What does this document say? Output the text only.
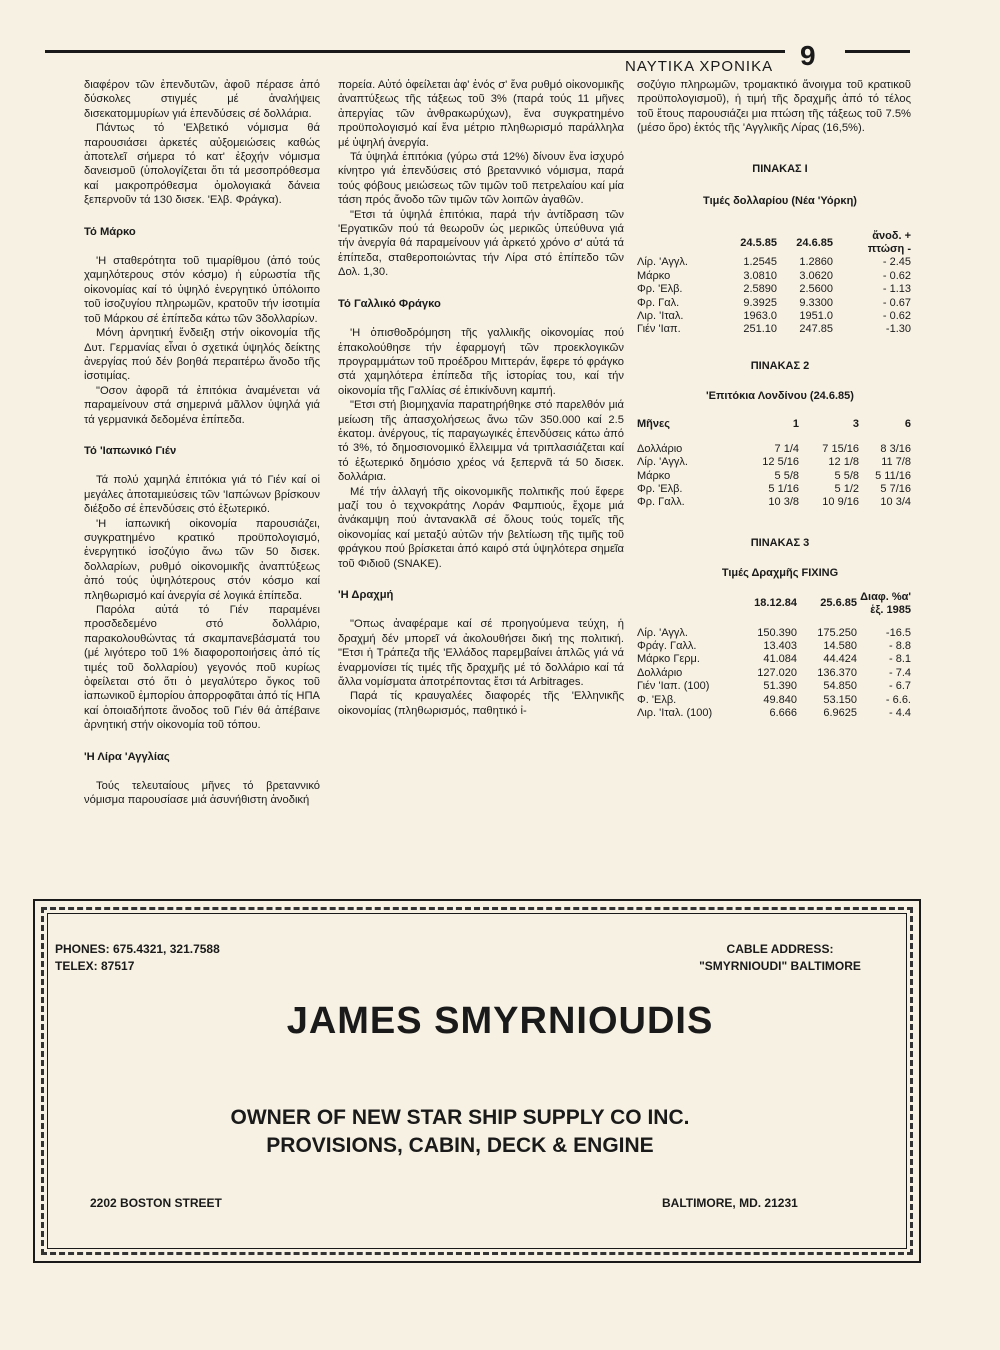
ΝΑΥΤΙΚΑ ΧΡΟΝΙΚΑ 9

διαφέρον τῶν ἐπενδυτῶν, ἀφοῦ πέρασε ἀπό δύσκολες στιγμές μέ ἀναλήψεις δισεκατομμυρίων γιά ἐπενδύσεις σέ δολλάρια.

Πάντως τό 'Ελβετικό νόμισμα θά παρουσιάσει ἀρκετές αὐξομειώσεις καθώς ἀποτελεῖ σήμερα τό κατ' ἐξοχήν νόμισμα δανεισμοῦ (ὑπολογίζεται ὅτι τά μεσοπρόθεσμα καί μακροπρόθεσμα ὁμολογιακά δάνεια ξεπερνοῦν τά 130 δισεκ. 'Ελβ. Φράγκα).

Τό Μάρκο

'Η σταθερότητα τοῦ τιμαρίθμου (ἀπό τούς χαμηλότερους στόν κόσμο) ἡ εὐρωστία τῆς οἰκονομίας καί τό ὑψηλό ἐνεργητικό ὑπόλοιπο τοῦ ἰσοζυγίου πληρωμῶν, κρατοῦν τήν ἰσοτιμία τοῦ Μάρκου σέ ἐπίπεδα κάτω τῶν 3δολλαρίων.

Μόνη ἀρνητική ἔνδειξη στήν οἰκονομία τῆς Δυτ. Γερμανίας εἶναι ὁ σχετικά ὑψηλός δείκτης ἀνεργίας πού δέν βοηθά περαιτέρω ἄνοδο τῆς ἰσοτιμίας.

"Οσον ἀφορᾶ τά ἐπιτόκια ἀναμένεται νά παραμείνουν στά σημερινά μᾶλλον ὑψηλά γιά τά γερμανικά δεδομένα ἐπίπεδα.

Τό 'Ιαπωνικό Γιέν

Τά πολύ χαμηλά ἐπιτόκια γιά τό Γιέν καί οἱ μεγάλες ἀποταμιεύσεις τῶν 'Ιαπώνων βρίσκουν διέξοδο σέ ἐπενδύσεις στό ἐξωτερικό.

'Η ἰαπωνική οἰκονομία παρουσιάζει, συγκρατημένο κρατικό προϋπολογισμό, ἐνεργητικό ἰσοζύγιο ἄνω τῶν 50 δισεκ. δολλαρίων, ρυθμό οἰκονομικῆς ἀναπτύξεως ἀπό τούς ὑψηλότερους στόν κόσμο καί πληθωρισμό καί ἀνεργία σέ λογικά ἐπίπεδα.

Παρόλα αὐτά τό Γιέν παραμένει προσδεδεμένο στό δολλάριο, παρακολουθώντας τά σκαμπανεβάσματά του (μέ λιγότερο τοῦ 1% διαφοροποιήσεις ἀπό τίς τιμές τοῦ δολλαρίου) γεγονός ποῦ κυρίως ὀφείλεται στό ὅτι ὁ μεγαλύτερο ὄγκος τοῦ ἰαπωνικοῦ ἐμπορίου ἀπορροφᾶται ἀπό τίς ΗΠΑ καί ὁποιαδήποτε ἄνοδος τοῦ Γιέν θά ἀπέβαινε ἀρνητική στήν οἰκονομία τοῦ τόπου.

'Η Λίρα 'Αγγλίας

Τούς τελευταίους μῆνες τό βρεταννικό νόμισμα παρουσίασε μιά ἀσυνήθιστη ἀνοδική

πορεία. Αὐτό ὀφείλεται ἀφ' ἑνός σ' ἕνα ρυθμό οἰκονομικῆς ἀναπτύξεως τῆς τάξεως τοῦ 3% (παρά τούς 11 μῆνες ἀπεργίας τῶν ἀνθρακωρύχων), ἕνα συγκρατημένο προϋπολογισμό καί ἕνα μέτριο πληθωρισμό παράλληλα μέ ὑψηλή ἀνεργία.

Τά ὑψηλά ἐπιτόκια (γύρω στά 12%) δίνουν ἕνα ἰσχυρό κίνητρο γιά ἐπενδύσεις στό βρεταννικό νόμισμα, παρά τούς φόβους μειώσεως τῶν τιμῶν τοῦ πετρελαίου καί μία τάση πρός ἄνοδο τῶν τιμῶν τῶν λοιπῶν ἀγαθῶν.

"Ετσι τά ὑψηλά ἐπιτόκια, παρά τήν ἀντίδραση τῶν 'Εργατικῶν πού τά θεωροῦν ὡς μερικῶς ὑπεύθυνα γιά τήν ἀνεργία θά παραμείνουν γιά ἀρκετό χρόνο σ' αὐτά τά ἐπίπεδα, σταθεροποιώντας τήν Λίρα στό ἐπίπεδο τῶν Δολ. 1,30.

Τό Γαλλικό Φράγκο

'Η ὀπισθοδρόμηση τῆς γαλλικῆς οἰκονομίας πού ἐπακολούθησε τήν ἐφαρμογή τῶν προεκλογικῶν προγραμμάτων τοῦ προέδρου Μιττεράν, ἔφερε τό φράγκο στά χαμηλότερα ἐπίπεδα τῆς ἱστορίας του, καί τήν οἰκονομία τῆς Γαλλίας σέ ἐπικίνδυνη καμπή.

"Ετσι στή βιομηχανία παρατηρήθηκε στό παρελθόν μιά μείωση τῆς ἀπασχολήσεως ἄνω τῶν 350.000 καί 2.5 ἑκατομ. ἀνέργους, τίς παραγωγικές ἐπενδύσεις κάτω ἀπό τό 3%, τό δημοσιονομικό ἔλλειμμα νά τριπλασιάζεται καί τό ἐξωτερικό δημόσιο χρέος νά ξεπερνᾶ τά 50 δισεκ. δολλάρια.

Μέ τήν ἀλλαγή τῆς οἰκονομικῆς πολιτικῆς πού ἔφερε μαζί του ὁ τεχνοκράτης Λοράν Φαμπιούς, ἔχομε μιά ἀνάκαμψη πού ἀντανακλᾶ σέ ὅλους τούς τομεῖς τῆς οἰκονομίας καί μεταξύ αὐτῶν τήν βελτίωση τῆς τιμῆς τοῦ φράγκου πού βρίσκεται ἀπό καιρό στά ὑψηλότερα σημεῖα τοῦ Φιδιοῦ (SNAKE).

'Η Δραχμή

"Οπως ἀναφέραμε καί σέ προηγούμενα τεύχη, ἡ δραχμή δέν μπορεῖ νά ἀκολουθήσει δική της πολιτική. "Ετσι ἡ Τράπεζα τῆς 'Ελλάδος παρεμβαίνει ἁπλῶς γιά νά ἐναρμονίσει τίς τιμές τῆς δραχμῆς μέ τό δολλάριο καί τά ἄλλα νομίσματα ἀποτρέποντας ἔτσι τά Arbitrages.

Παρά τίς κραυγαλέες διαφορές τῆς 'Ελληνικῆς οἰκονομίας (πληθωρισμός, παθητικό ἰ-

σοζύγιο πληρωμῶν, τρομακτικό ἄνοιγμα τοῦ κρατικοῦ προϋπολογισμοῦ), ἡ τιμή τῆς δραχμῆς ἀπό τό τέλος τοῦ ἔτους παρουσιάζει μια πτώση τῆς τάξεως τοῦ 7.5% (μέσο ὅρο) ἐκτός τῆς 'Αγγλικῆς Λίρας (16,5%).

ΠΙΝΑΚΑΣ Ι

Τιμές δολλαρίου (Νέα 'Υόρκη)

	24.5.85	24.6.85	ἄνοδ. + πτώση -
Λίρ. 'Αγγλ.	1.2545	1.2860	- 2.45
Μάρκο	3.0810	3.0620	- 0.62
Φρ. 'Ελβ.	2.5890	2.5600	- 1.13
Φρ. Γαλ.	9.3925	9.3300	- 0.67
Λιρ. 'Ιταλ.	1963.0	1951.0	- 0.62
Γιέν 'Ιαπ.	251.10	247.85	-1.30

ΠΙΝΑΚΑΣ 2

'Επιτόκια Λονδίνου (24.6.85)

Μῆνες	1	3	6

Δολλάριο	7 1/4	7 15/16	8 3/16
Λίρ. 'Αγγλ.	12 5/16	12 1/8	11 7/8
Μάρκο	5 5/8	5 5/8	5 11/16
Φρ. 'Ελβ.	5 1/16	5 1/2	5 7/16
Φρ. Γαλλ.	10 3/8	10 9/16	10 3/4

ΠΙΝΑΚΑΣ 3

Τιμές Δραχμῆς FIXING

	18.12.84	25.6.85	Διαφ. %α' ἑξ. 1985

Λίρ. 'Αγγλ.	150.390	175.250	-16.5
Φράγ. Γαλλ.	13.403	14.580	- 8.8
Μάρκο Γερμ.	41.084	44.424	- 8.1
Δολλάριο	127.020	136.370	- 7.4
Γιέν 'Ιαπ. (100)	51.390	54.850	- 6.7
Φ. 'Ελβ.	49.840	53.150	- 6.6.
Λιρ. 'Ιταλ. (100)	6.666	6.9625	- 4.4
PHONES: 675.4321, 321.7588
TELEX: 87517
CABLE ADDRESS:
"SMYRNIOUDI" BALTIMORE
JAMES SMYRNIOUDIS
OWNER OF NEW STAR SHIP SUPPLY CO INC.
PROVISIONS, CABIN, DECK & ENGINE
2202 BOSTON STREET	BALTIMORE, MD. 21231
